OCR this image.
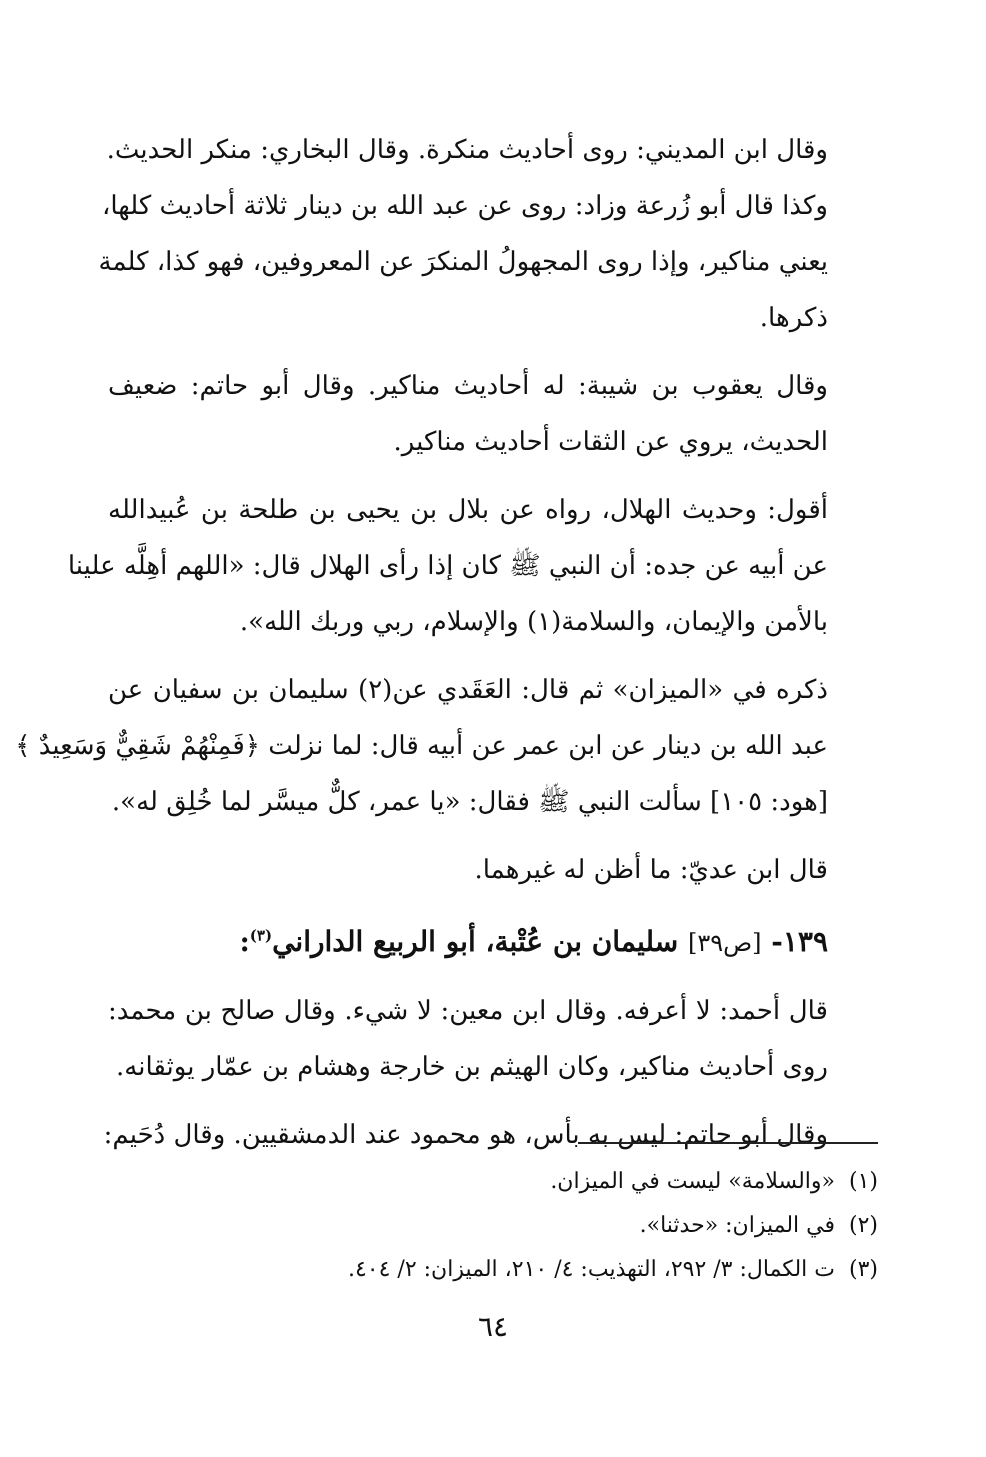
وقال ابن المديني: روى أحاديث منكرة. وقال البخاري: منكر الحديث.
وكذا قال أبو زُرعة وزاد: روى عن عبد الله بن دينار ثلاثة أحاديث كلها،
يعني مناكير، وإذا روى المجهولُ المنكرَ عن المعروفين، فهو كذا، كلمة
ذكرها.
وقال يعقوب بن شيبة: له أحاديث مناكير. وقال أبو حاتم: ضعيف
الحديث، يروي عن الثقات أحاديث مناكير.
أقول: وحديث الهلال، رواه عن بلال بن يحيى بن طلحة بن عُبيدالله
عن أبيه عن جده: أن النبي ﷺ كان إذا رأى الهلال قال: «اللهم أهِلَّه علينا
بالأمن والإيمان، والسلامة(١) والإسلام، ربي وربك الله».
ذكره في «الميزان» ثم قال: العَقَدي عن(٢) سليمان بن سفيان عن
عبد الله بن دينار عن ابن عمر عن أبيه قال: لما نزلت ﴿فَمِنْهُمْ شَقِيٌّ وَسَعِيدٌ ﴾
[هود: ١٠٥] سألت النبي ﷺ فقال: «يا عمر، كلٌّ ميسَّر لما خُلِق له».
قال ابن عديّ: ما أظن له غيرهما.
١٣٩- [ص٣٩] سليمان بن عُتْبة، أبو الربيع الداراني$^{(٣)}$:
قال أحمد: لا أعرفه. وقال ابن معين: لا شيء. وقال صالح بن محمد:
روى أحاديث مناكير، وكان الهيثم بن خارجة وهشام بن عمّار يوثقانه.
وقال أبو حاتم: ليس به بأس، هو محمود عند الدمشقيين. وقال دُحَيم:
(١)«والسلامة» ليست في الميزان.
(٢)في الميزان: «حدثنا».
(٣)ت الكمال: ٣/ ٢٩٢، التهذيب: ٤/ ٢١٠، الميزان: ٢/ ٤٠٤.
٦٤
